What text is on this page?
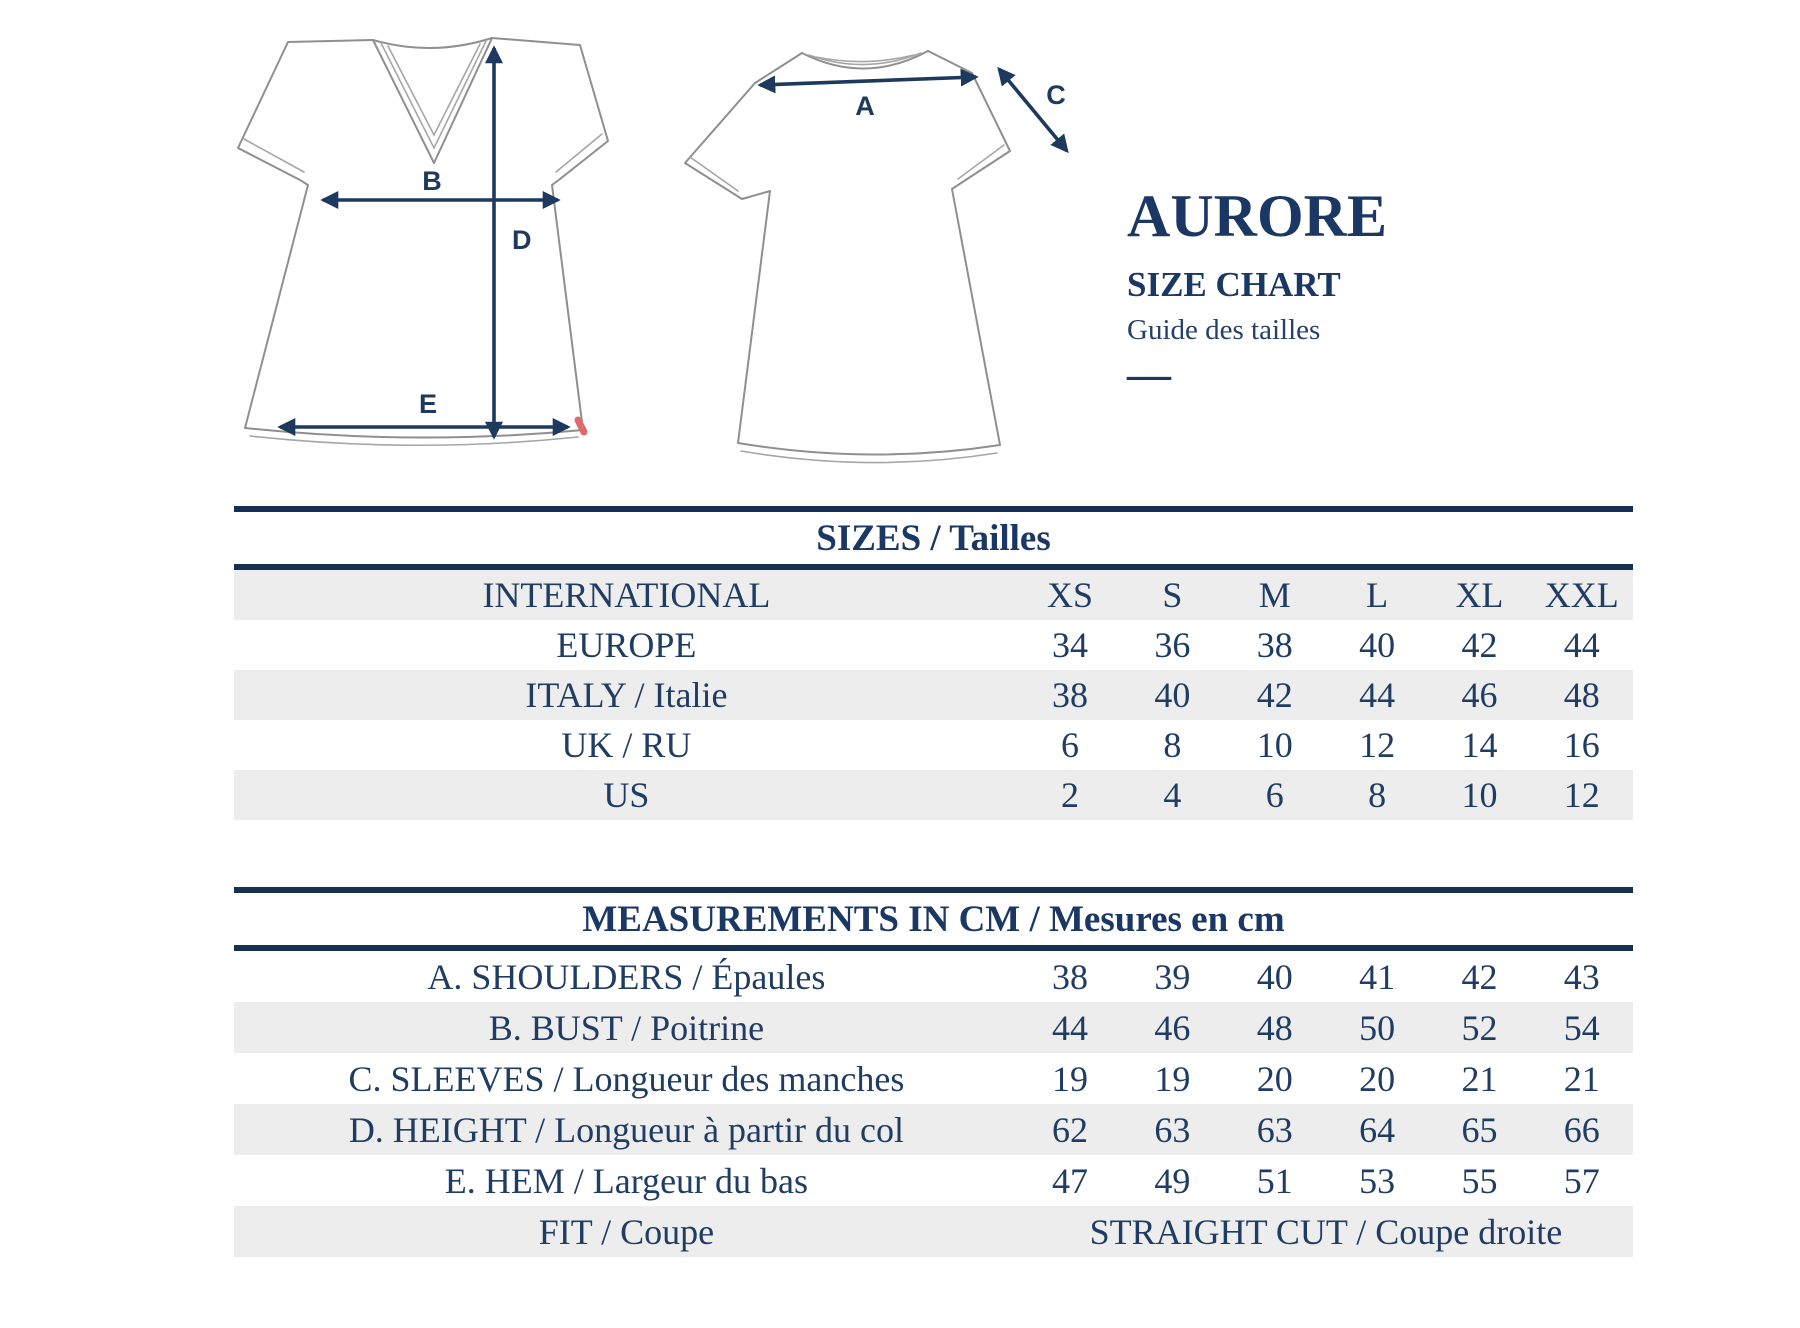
B
D
E
A	C
AURORE
SIZE CHART
Guide des tailles
—
SIZES / Tailles
INTERNATIONAL	XS	S	M	L	XL	XXL
EUROPE	34	36	38	40	42	44
ITALY / Italie	38	40	42	44	46	48
UK / RU	6	8	10	12	14	16
US	2	4	6	8	10	12
MEASUREMENTS IN CM / Mesures en cm
A. SHOULDERS / Épaules	38	39	40	41	42	43
B. BUST / Poitrine	44	46	48	50	52	54
C. SLEEVES / Longueur des manches	19	19	20	20	21	21
D. HEIGHT / Longueur à partir du col	62	63	63	64	65	66
E. HEM / Largeur du bas	47	49	51	53	55	57
FIT / Coupe	STRAIGHT CUT / Coupe droite
